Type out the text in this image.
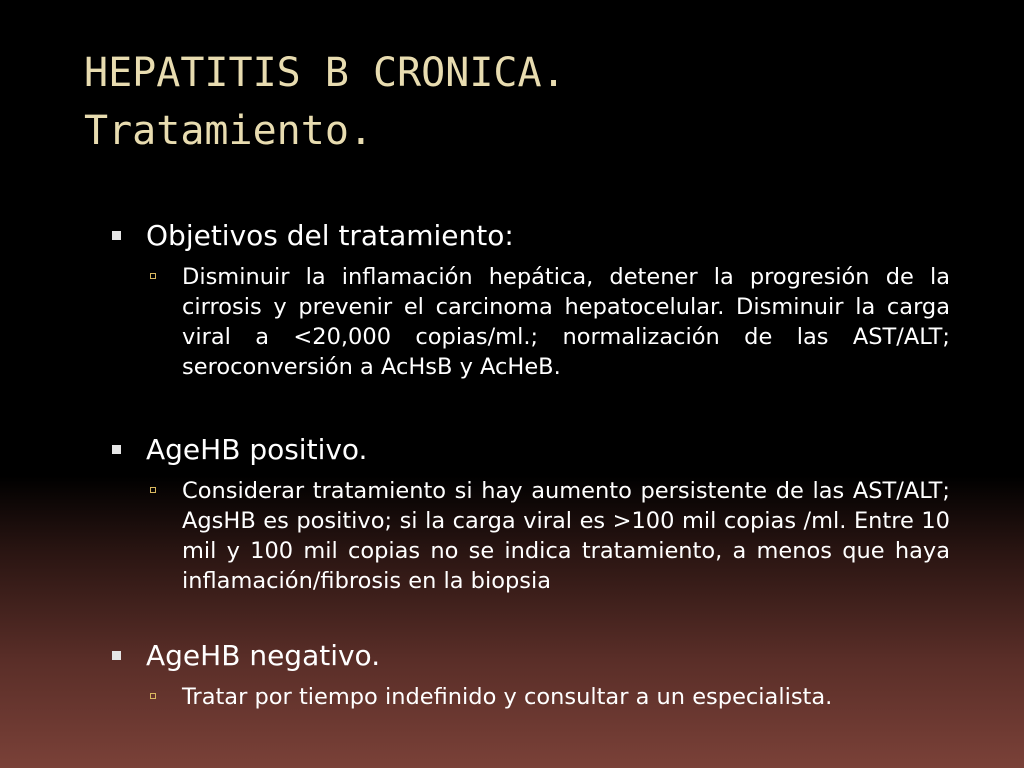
HEPATITIS B CRONICA.
Tratamiento.
Objetivos del tratamiento:
Disminuir la inflamación hepática, detener la progresión de la cirrosis y prevenir el carcinoma hepatocelular. Disminuir la carga viral a <20,000 copias/ml.; normalización de las AST/ALT; seroconversión a AcHsB y AcHeB.
AgeHB positivo.
Considerar tratamiento si hay aumento persistente de las AST/ALT; AgsHB es positivo; si la carga viral es >100 mil copias /ml. Entre 10 mil y 100 mil copias no se indica tratamiento, a menos que haya inflamación/fibrosis en la biopsia
AgeHB negativo.
Tratar por tiempo indefinido y consultar a un especialista.
